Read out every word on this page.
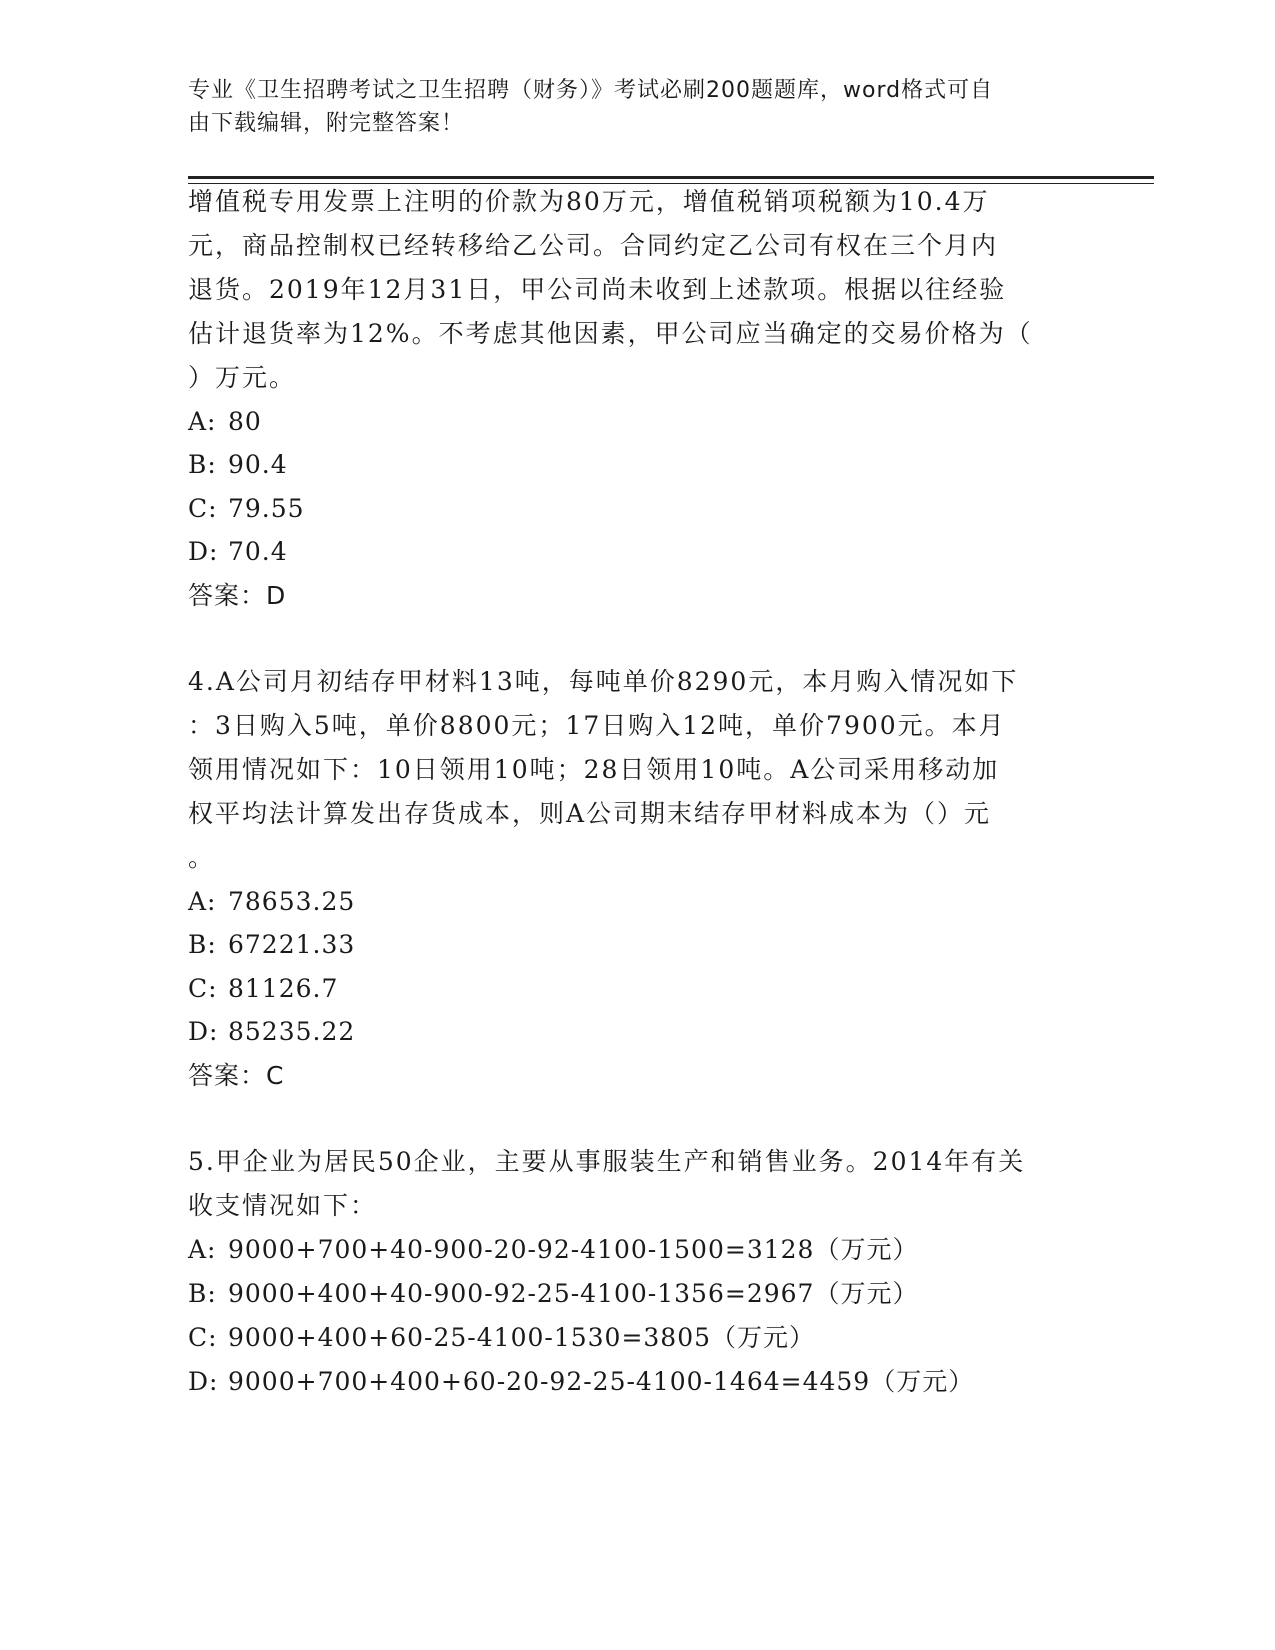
专业《卫生招聘考试之卫生招聘（财务）》考试必刷200题题库，word格式可自
由下载编辑，附完整答案！
增值税专用发票上注明的价款为80万元，增值税销项税额为10.4万
元，商品控制权已经转移给乙公司。合同约定乙公司有权在三个月内
退货。2019年12月31日，甲公司尚未收到上述款项。根据以往经验
估计退货率为12%。不考虑其他因素，甲公司应当确定的交易价格为（
）万元。
A: 80
B: 90.4
C: 79.55
D: 70.4
答案：D
4.A公司月初结存甲材料13吨，每吨单价8290元，本月购入情况如下
：3日购入5吨，单价8800元；17日购入12吨，单价7900元。本月
领用情况如下：10日领用10吨；28日领用10吨。A公司采用移动加
权平均法计算发出存货成本，则A公司期末结存甲材料成本为（）元
。
A: 78653.25
B: 67221.33
C: 81126.7
D: 85235.22
答案：C
5.甲企业为居民50企业，主要从事服装生产和销售业务。2014年有关
收支情况如下：
A: 9000+700+40-900-20-92-4100-1500=3128（万元）
B: 9000+400+40-900-92-25-4100-1356=2967（万元）
C: 9000+400+60-25-4100-1530=3805（万元）
D: 9000+700+400+60-20-92-25-4100-1464=4459（万元）
